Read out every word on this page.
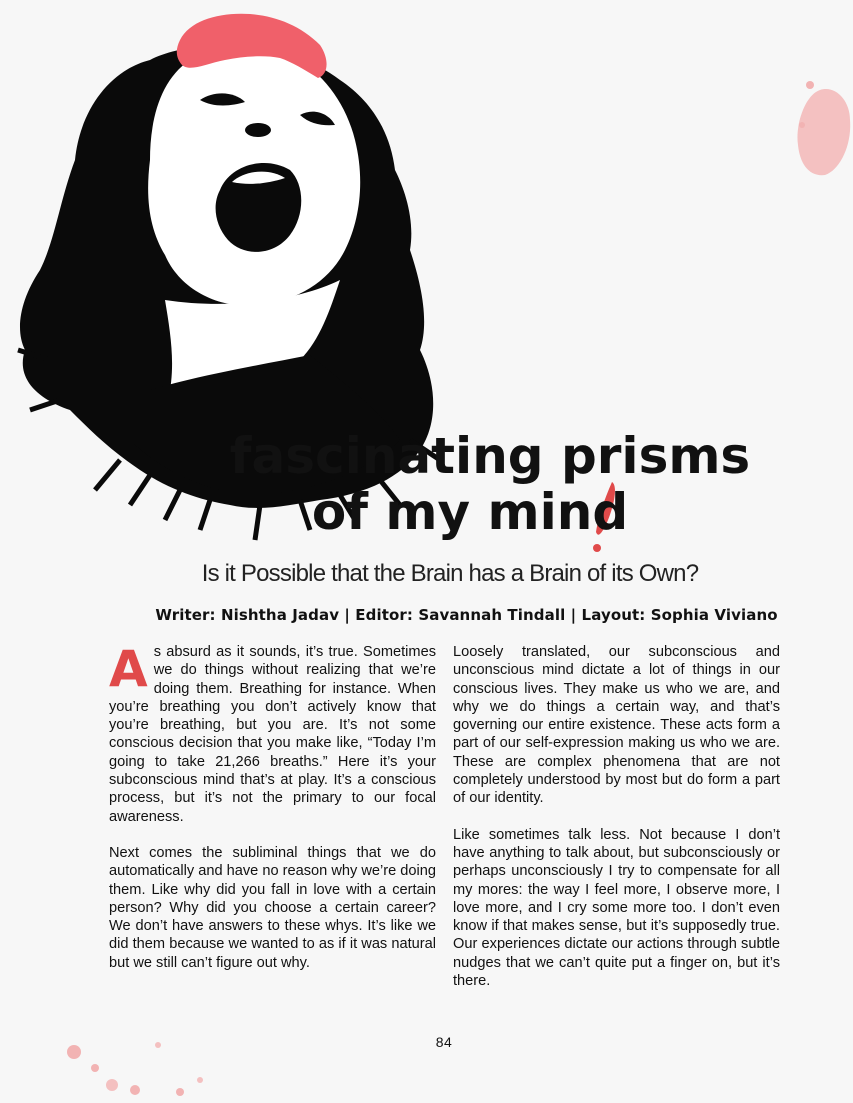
fascinating prisms
of my mind
Is it Possible that the Brain has a Brain of its Own?
Writer: Nishtha Jadav | Editor: Savannah Tindall | Layout: Sophia Viviano

As absurd as it sounds, it’s true. Sometimes we do things without realizing that we’re doing them. Breathing for instance. When you’re breathing you don’t actively know that you’re breathing, but you are. It’s not some conscious decision that you make like, “Today I’m going to take 21,266 breaths.” Here it’s your subconscious mind that’s at play. It’s a conscious process, but it’s not the primary to our focal awareness.

Next comes the subliminal things that we do automatically and have no reason why we’re doing them. Like why did you fall in love with a certain person? Why did you choose a certain career? We don’t have answers to these whys. It’s like we did them because we wanted to as if it was natural but we still can’t figure out why.

Loosely translated, our subconscious and unconscious mind dictate a lot of things in our conscious lives. They make us who we are, and why we do things a certain way, and that’s governing our entire existence. These acts form a part of our self-expression making us who we are. These are complex phenomena that are not completely understood by most but do form a part of our identity.

Like sometimes talk less. Not because I don’t have anything to talk about, but subconsciously or perhaps unconsciously I try to compensate for all my mores: the way I feel more, I observe more, I love more, and I cry some more too. I don’t even know if that makes sense, but it’s supposedly true. Our experiences dictate our actions through subtle nudges that we can’t quite put a finger on, but it’s there.

84
